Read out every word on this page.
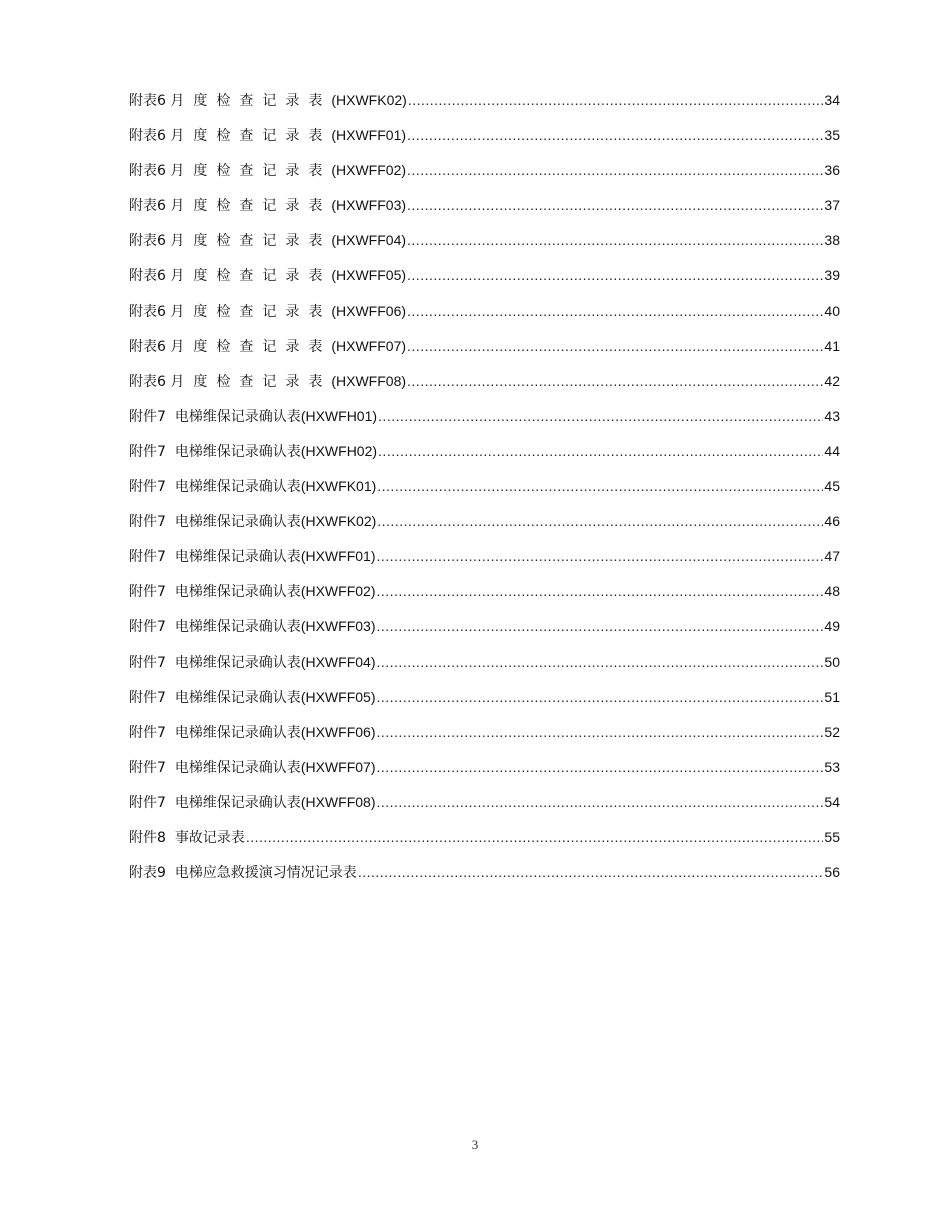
附表6 月度检查记录表(HXWFK02) .....	34
附表6 月度检查记录表(HXWFF01) .....	35
附表6 月度检查记录表(HXWFF02) .....	36
附表6 月度检查记录表(HXWFF03) .....	37
附表6 月度检查记录表(HXWFF04) .....	38
附表6 月度检查记录表(HXWFF05) .....	39
附表6 月度检查记录表(HXWFF06) .....	40
附表6 月度检查记录表(HXWFF07) .....	41
附表6 月度检查记录表(HXWFF08) .....	42
附件7  电梯维保记录确认表(HXWFH01) .....	43
附件7  电梯维保记录确认表(HXWFH02) .....	44
附件7  电梯维保记录确认表(HXWFK01) .....	45
附件7  电梯维保记录确认表(HXWFK02) .....	46
附件7  电梯维保记录确认表(HXWFF01) .....	47
附件7  电梯维保记录确认表(HXWFF02) .....	48
附件7  电梯维保记录确认表(HXWFF03) .....	49
附件7  电梯维保记录确认表(HXWFF04) .....	50
附件7  电梯维保记录确认表(HXWFF05) .....	51
附件7  电梯维保记录确认表(HXWFF06) .....	52
附件7  电梯维保记录确认表(HXWFF07) .....	53
附件7  电梯维保记录确认表(HXWFF08) .....	54
附件8  事故记录表 .....	55
附表9  电梯应急救援演习情况记录表 .....	56
3
